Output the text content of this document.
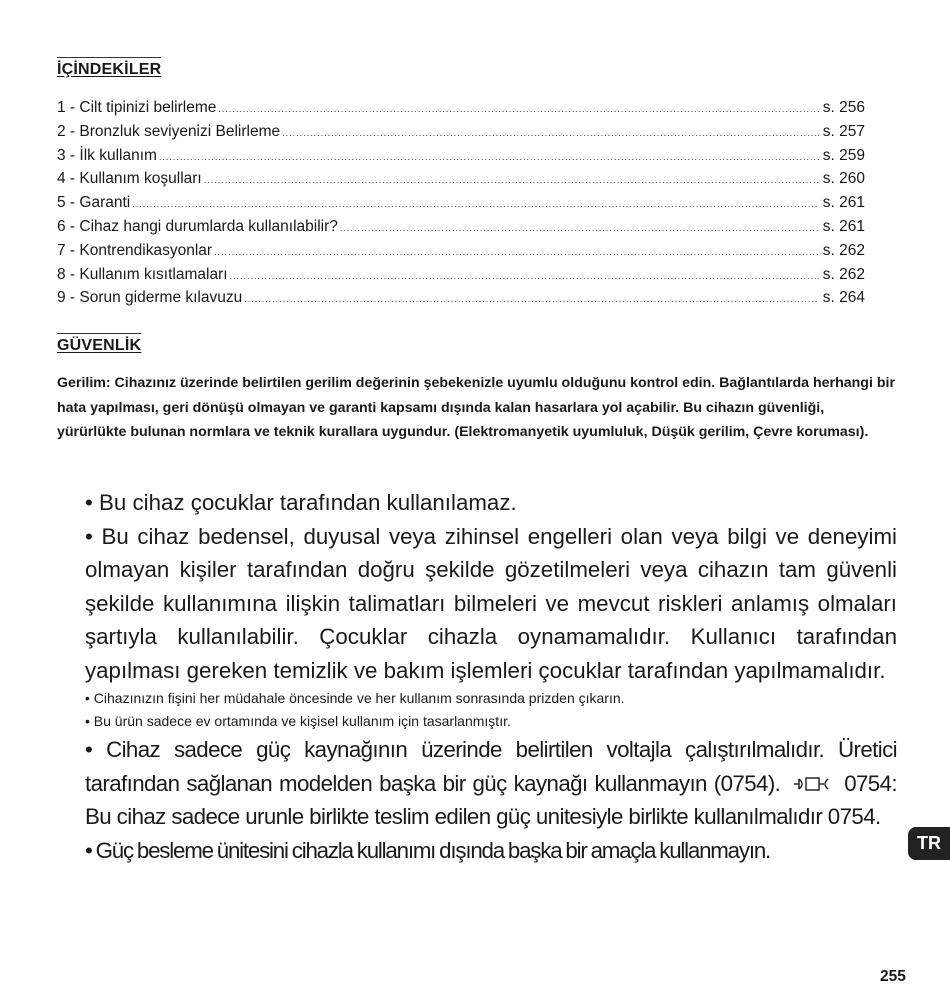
İÇİNDEKİLER
1 - Cilt tipinizi belirleme .....	s. 256
2 - Bronzluk seviyenizi Belirleme .....	s. 257
3 - İlk kullanım .....	s. 259
4 - Kullanım koşulları .....	s. 260
5 - Garanti .....	s. 261
6 - Cihaz hangi durumlarda kullanılabilir? .....	s. 261
7 - Kontrendikasyonlar .....	s. 262
8 - Kullanım kısıtlamaları .....	s. 262
9 - Sorun giderme kılavuzu .....	s. 264
GÜVENLİK

Gerilim: Cihazınız üzerinde belirtilen gerilim değerinin şebekenizle uyumlu olduğunu kontrol edin. Bağlantılarda herhangi bir hata yapılması, geri dönüşü olmayan ve garanti kapsamı dışında kalan hasarlara yol açabilir. Bu cihazın güvenliği, yürürlükte bulunan normlara ve teknik kurallara uygundur. (Elektromanyetik uyumluluk, Düşük gerilim, Çevre koruması).

• Bu cihaz çocuklar tarafından kullanılamaz.

• Bu cihaz bedensel, duyusal veya zihinsel engelleri olan veya bilgi ve deneyimi olmayan kişiler tarafından doğru şekilde gözetilmeleri veya cihazın tam güvenli şekilde kullanımına ilişkin talimatları bilmeleri ve mevcut riskleri anlamış olmaları şartıyla kullanılabilir. Çocuklar cihazla oynamamalıdır. Kullanıcı tarafından yapılması gereken temizlik ve bakım işlemleri çocuklar tarafından yapılmamalıdır.

• Cihazınızın fişini her müdahale öncesinde ve her kullanım sonrasında prizden çıkarın.

• Bu ürün sadece ev ortamında ve kişisel kullanım için tasarlanmıştır.

• Cihaz sadece güç kaynağının üzerinde belirtilen voltajla çalıştırılmalıdır. Üretici tarafından sağlanan modelden başka bir güç kaynağı kullanmayın (0754).	0754: Bu cihaz sadece urunle birlikte teslim edilen güç unitesiyle birlikte kullanılmalıdır 0754.

• Güç besleme ünitesini cihazla kullanımı dışında başka bir amaçla kullanmayın.	TR
255
